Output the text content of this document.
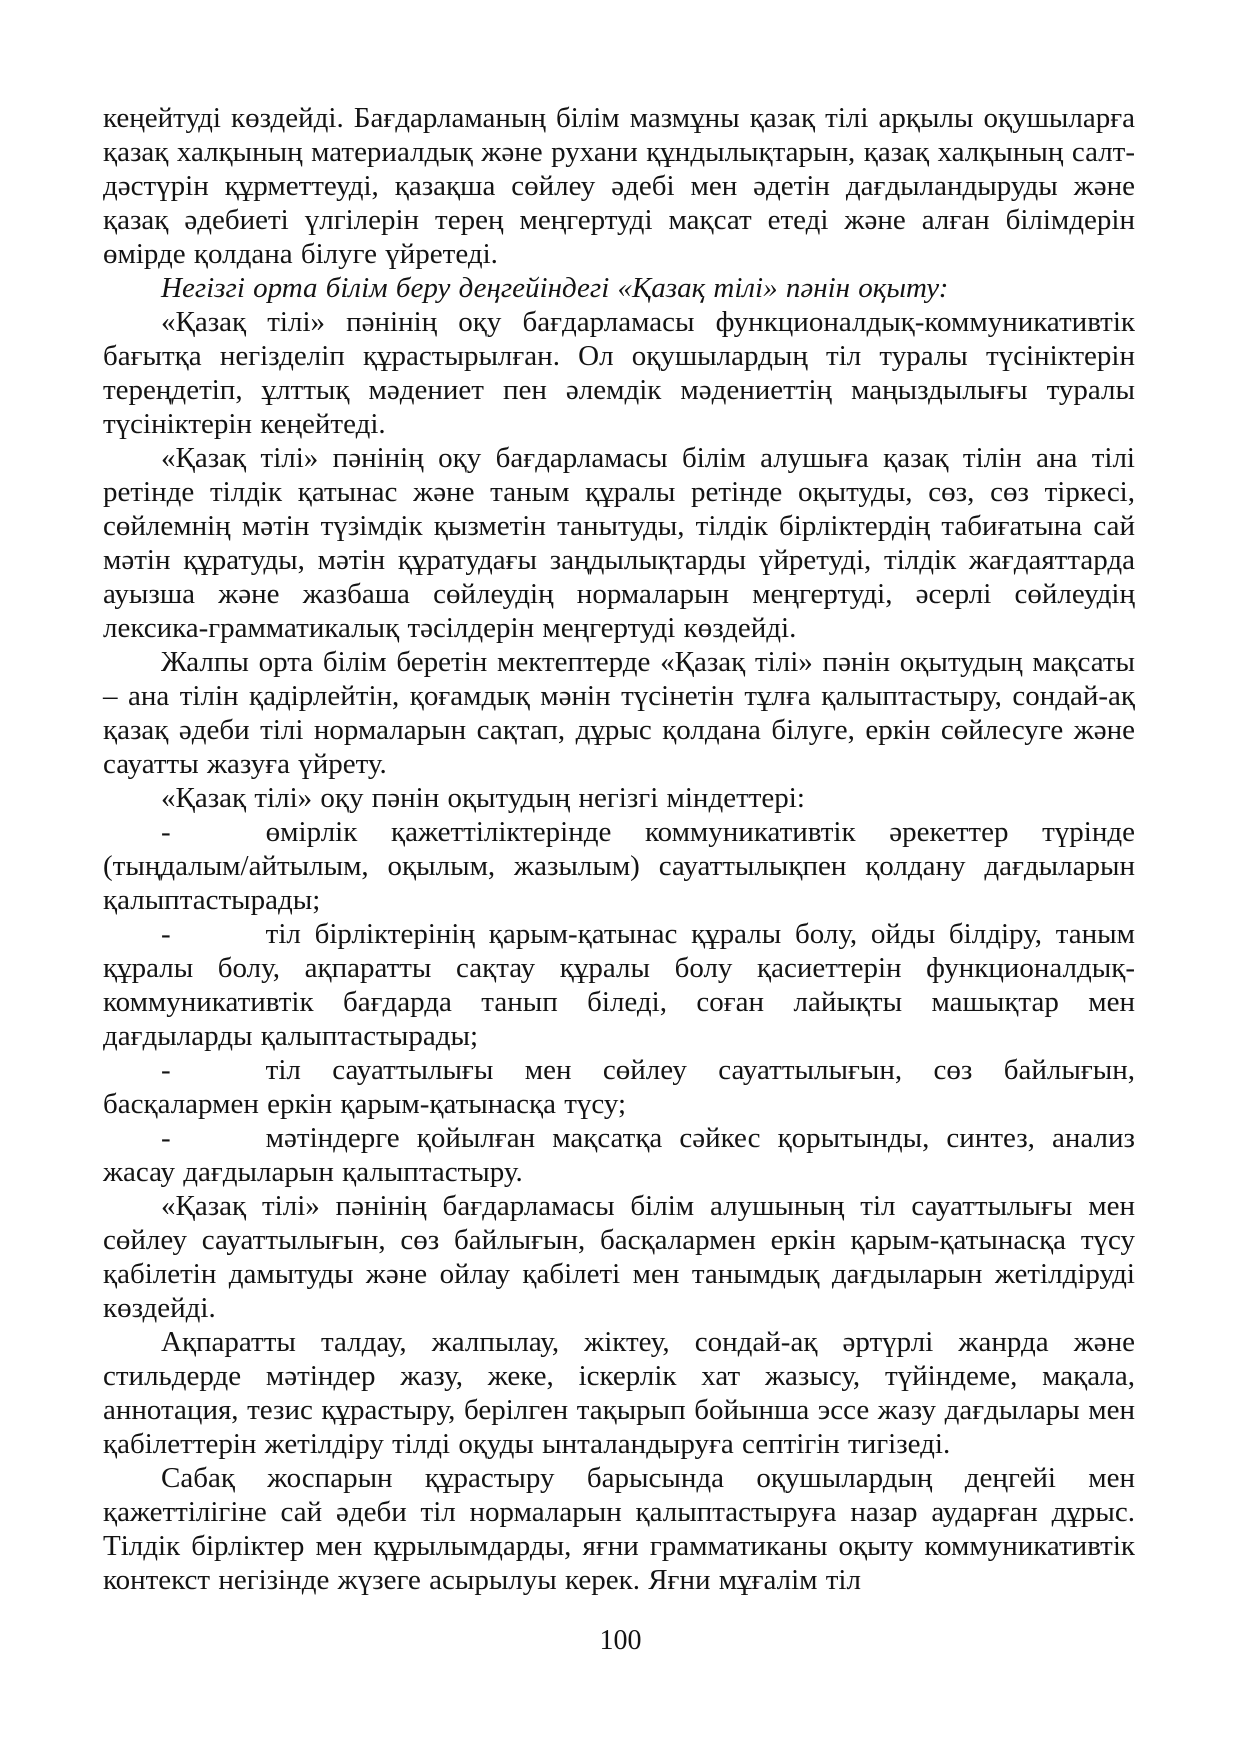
кеңейтуді көздейді. Бағдарламаның білім мазмұны қазақ тілі арқылы оқушыларға қазақ халқының материалдық және рухани құндылықтарын, қазақ халқының салт-дәстүрін құрметтеуді, қазақша сөйлеу әдебі мен әдетін дағдыландыруды және қазақ әдебиеті үлгілерін терең меңгертуді мақсат етеді және алған білімдерін өмірде қолдана білуге үйретеді.

Негізгі орта білім беру деңгейіндегі «Қазақ тілі» пәнін оқыту:

«Қазақ тілі» пәнінің оқу бағдарламасы функционалдық-коммуникативтік бағытқа негізделіп құрастырылған. Ол оқушылардың тіл туралы түсініктерін тереңдетіп, ұлттық мәдениет пен әлемдік мәдениеттің маңыздылығы туралы түсініктерін кеңейтеді.

«Қазақ тілі» пәнінің оқу бағдарламасы білім алушыға қазақ тілін ана тілі ретінде тілдік қатынас және таным құралы ретінде оқытуды, сөз, сөз тіркесі, сөйлемнің мәтін түзімдік қызметін танытуды, тілдік бірліктердің табиғатына сай мәтін құратуды, мәтін құратудағы заңдылықтарды үйретуді, тілдік жағдаяттарда ауызша және жазбаша сөйлеудің нормаларын меңгертуді, әсерлі сөйлеудің лексика-грамматикалық тәсілдерін меңгертуді көздейді.

Жалпы орта білім беретін мектептерде «Қазақ тілі» пәнін оқытудың мақсаты – ана тілін қадірлейтін, қоғамдық мәнін түсінетін тұлға қалыптастыру, сондай-ақ қазақ әдеби тілі нормаларын сақтап, дұрыс қолдана білуге, еркін сөйлесуге және сауатты жазуға үйрету.

«Қазақ тілі» оқу пәнін оқытудың негізгі міндеттері:

-	өмірлік қажеттіліктерінде коммуникативтік әрекеттер түрінде (тыңдалым/айтылым, оқылым, жазылым) сауаттылықпен қолдану дағдыларын қалыптастырады;

-	тіл бірліктерінің қарым-қатынас құралы болу, ойды білдіру, таным құралы болу, ақпаратты сақтау құралы болу қасиеттерін функционалдық-коммуникативтік бағдарда танып біледі, соған лайықты машықтар мен дағдыларды қалыптастырады;

-	тіл сауаттылығы мен сөйлеу сауаттылығын, сөз байлығын, басқалармен еркін қарым-қатынасқа түсу;

-	мәтіндерге қойылған мақсатқа сәйкес қорытынды, синтез, анализ жасау дағдыларын қалыптастыру.

«Қазақ тілі» пәнінің бағдарламасы білім алушының тіл сауаттылығы мен сөйлеу сауаттылығын, сөз байлығын, басқалармен еркін қарым-қатынасқа түсу қабілетін дамытуды және ойлау қабілеті мен танымдық дағдыларын жетілдіруді көздейді.

Ақпаратты талдау, жалпылау, жіктеу, сондай-ақ әртүрлі жанрда және стильдерде мәтіндер жазу, жеке, іскерлік хат жазысу, түйіндеме, мақала, аннотация, тезис құрастыру, берілген тақырып бойынша эссе жазу дағдылары мен қабілеттерін жетілдіру тілді оқуды ынталандыруға септігін тигізеді.

Сабақ жоспарын құрастыру барысында оқушылардың деңгейі мен қажеттілігіне сай әдеби тіл нормаларын қалыптастыруға назар аударған дұрыс. Тілдік бірліктер мен құрылымдарды, яғни грамматиканы оқыту коммуникативтік контекст негізінде жүзеге асырылуы керек. Яғни мұғалім тіл

100
